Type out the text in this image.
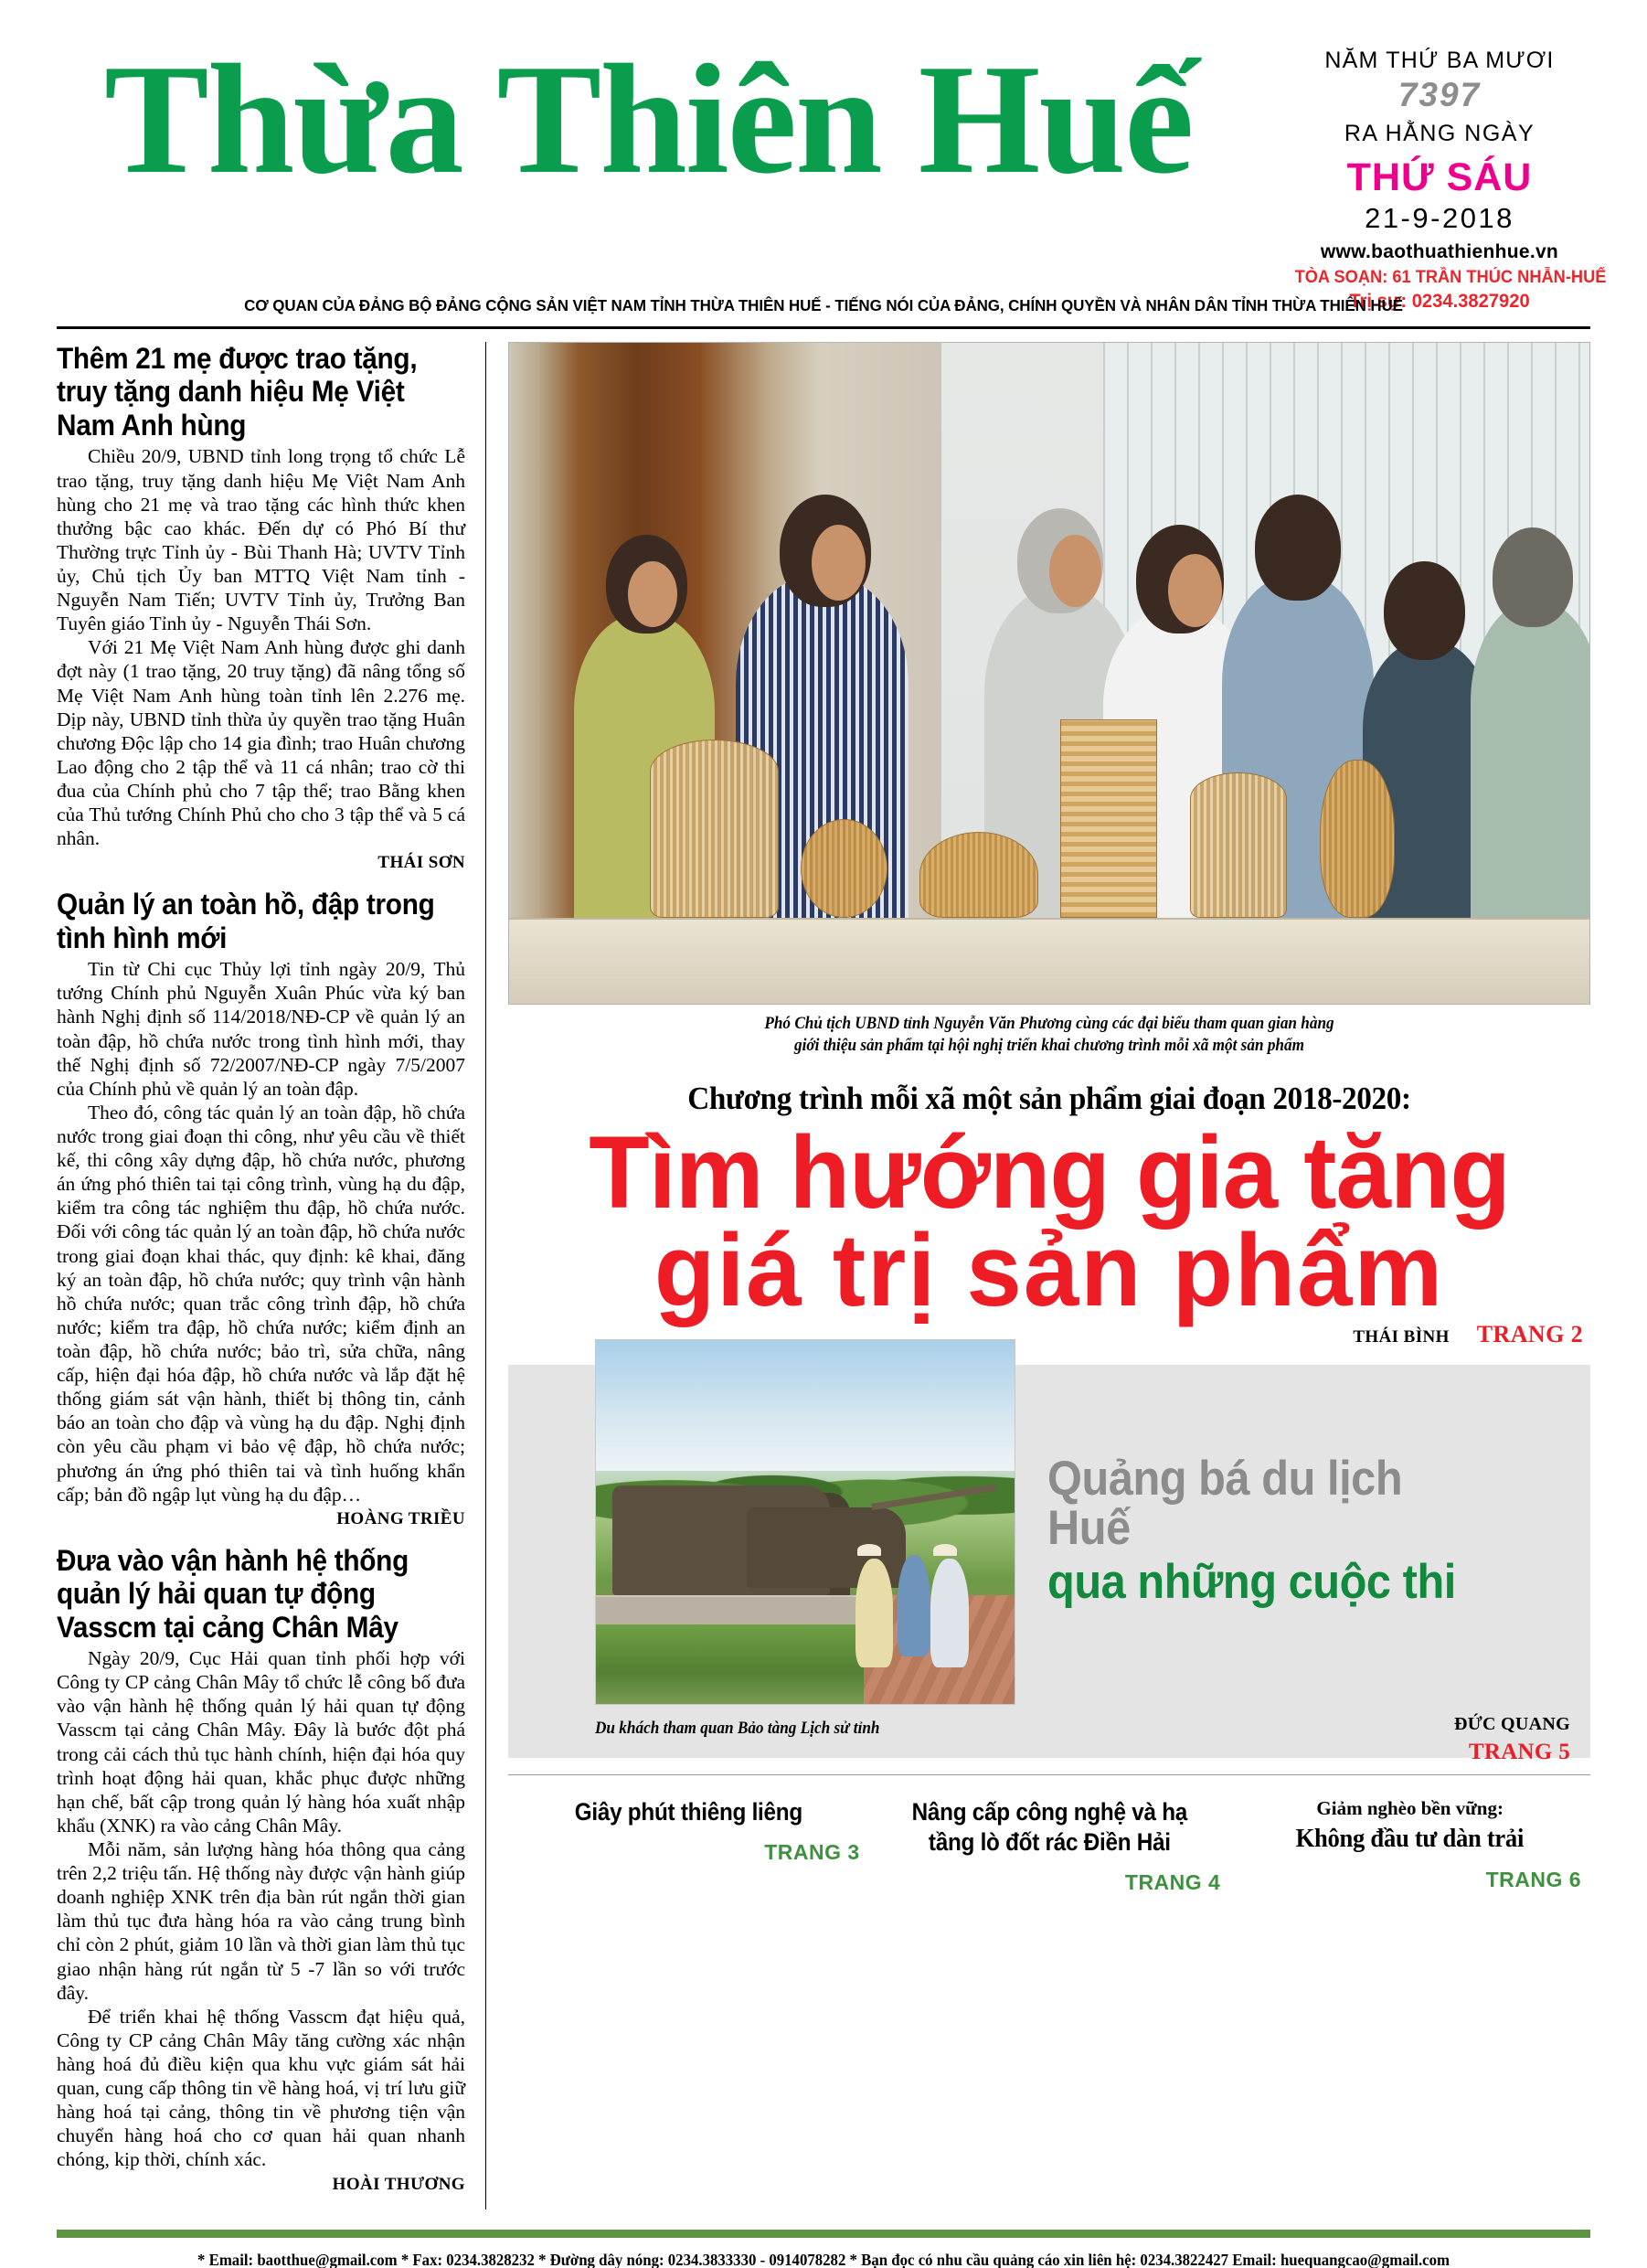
Thừa Thiên Huế	NĂM THỨ BA MƯƠI
7397
RA HẰNG NGÀY
THỨ SÁU
21-9-2018
www.baothuathienhue.vn
TÒA SOẠN: 61 TRẦN THÚC NHẪN-HUẾ
Trị sự: 0234.3827920
CƠ QUAN CỦA ĐẢNG BỘ ĐẢNG CỘNG SẢN VIỆT NAM TỈNH THỪA THIÊN HUẾ - TIẾNG NÓI CỦA ĐẢNG, CHÍNH QUYỀN VÀ NHÂN DÂN TỈNH THỪA THIÊN HUẾ
Thêm 21 mẹ được trao tặng, truy tặng danh hiệu Mẹ Việt Nam Anh hùng

Chiều 20/9, UBND tỉnh long trọng tổ chức Lễ trao tặng, truy tặng danh hiệu Mẹ Việt Nam Anh hùng cho 21 mẹ và trao tặng các hình thức khen thưởng bậc cao khác. Đến dự có Phó Bí thư Thường trực Tỉnh ủy - Bùi Thanh Hà; UVTV Tỉnh ủy, Chủ tịch Ủy ban MTTQ Việt Nam tỉnh - Nguyễn Nam Tiến; UVTV Tỉnh ủy, Trưởng Ban Tuyên giáo Tỉnh ủy - Nguyễn Thái Sơn.

Với 21 Mẹ Việt Nam Anh hùng được ghi danh đợt này (1 trao tặng, 20 truy tặng) đã nâng tổng số Mẹ Việt Nam Anh hùng toàn tỉnh lên 2.276 mẹ. Dịp này, UBND tỉnh thừa ủy quyền trao tặng Huân chương Độc lập cho 14 gia đình; trao Huân chương Lao động cho 2 tập thể và 11 cá nhân; trao cờ thi đua của Chính phủ cho 7 tập thể; trao Bằng khen của Thủ tướng Chính Phủ cho cho 3 tập thể và 5 cá nhân.

THÁI SƠN
Quản lý an toàn hồ, đập trong tình hình mới

Tin từ Chi cục Thủy lợi tỉnh ngày 20/9, Thủ tướng Chính phủ Nguyễn Xuân Phúc vừa ký ban hành Nghị định số 114/2018/NĐ-CP về quản lý an toàn đập, hồ chứa nước trong tình hình mới, thay thế Nghị định số 72/2007/NĐ-CP ngày 7/5/2007 của Chính phủ về quản lý an toàn đập.

Theo đó, công tác quản lý an toàn đập, hồ chứa nước trong giai đoạn thi công, như yêu cầu về thiết kế, thi công xây dựng đập, hồ chứa nước, phương án ứng phó thiên tai tại công trình, vùng hạ du đập, kiểm tra công tác nghiệm thu đập, hồ chứa nước. Đối với công tác quản lý an toàn đập, hồ chứa nước trong giai đoạn khai thác, quy định: kê khai, đăng ký an toàn đập, hồ chứa nước; quy trình vận hành hồ chứa nước; quan trắc công trình đập, hồ chứa nước; kiểm tra đập, hồ chứa nước; kiểm định an toàn đập, hồ chứa nước; bảo trì, sửa chữa, nâng cấp, hiện đại hóa đập, hồ chứa nước và lắp đặt hệ thống giám sát vận hành, thiết bị thông tin, cảnh báo an toàn cho đập và vùng hạ du đập. Nghị định còn yêu cầu phạm vi bảo vệ đập, hồ chứa nước; phương án ứng phó thiên tai và tình huống khẩn cấp; bản đồ ngập lụt vùng hạ du đập…

HOÀNG TRIỀU
Đưa vào vận hành hệ thống quản lý hải quan tự động Vasscm tại cảng Chân Mây

Ngày 20/9, Cục Hải quan tỉnh phối hợp với Công ty CP cảng Chân Mây tổ chức lễ công bố đưa vào vận hành hệ thống quản lý hải quan tự động Vasscm tại cảng Chân Mây. Đây là bước đột phá trong cải cách thủ tục hành chính, hiện đại hóa quy trình hoạt động hải quan, khắc phục được những hạn chế, bất cập trong quản lý hàng hóa xuất nhập khẩu (XNK) ra vào cảng Chân Mây.

Mỗi năm, sản lượng hàng hóa thông qua cảng trên 2,2 triệu tấn. Hệ thống này được vận hành giúp doanh nghiệp XNK trên địa bàn rút ngắn thời gian làm thủ tục đưa hàng hóa ra vào cảng trung bình chỉ còn 2 phút, giảm 10 lần và thời gian làm thủ tục giao nhận hàng rút ngắn từ 5 -7 lần so với trước đây.

Để triển khai hệ thống Vasscm đạt hiệu quả, Công ty CP cảng Chân Mây tăng cường xác nhận hàng hoá đủ điều kiện qua khu vực giám sát hải quan, cung cấp thông tin về hàng hoá, vị trí lưu giữ hàng hoá tại cảng, thông tin về phương tiện vận chuyển hàng hoá cho cơ quan hải quan nhanh chóng, kịp thời, chính xác.

HOÀI THƯƠNG
Phó Chủ tịch UBND tỉnh Nguyễn Văn Phương cùng các đại biểu tham quan gian hàng
giới thiệu sản phẩm tại hội nghị triển khai chương trình mỗi xã một sản phẩm
Chương trình mỗi xã một sản phẩm giai đoạn 2018-2020:
Tìm hướng gia tăng
giá trị sản phẩm
THÁI BÌNH TRANG 2
Quảng bá du lịch Huế
qua những cuộc thi
Du khách tham quan Bảo tàng Lịch sử tỉnh	ĐỨC QUANG
TRANG 5
Giây phút thiêng liêng
TRANG 3
Nâng cấp công nghệ và hạ tầng lò đốt rác Điền Hải
TRANG 4
Giảm nghèo bền vững:
Không đầu tư dàn trải
TRANG 6
* Email: baotthue@gmail.com * Fax: 0234.3828232 * Đường dây nóng: 0234.3833330 - 0914078282 * Bạn đọc có nhu cầu quảng cáo xin liên hệ: 0234.3822427 Email: huequangcao@gmail.com
